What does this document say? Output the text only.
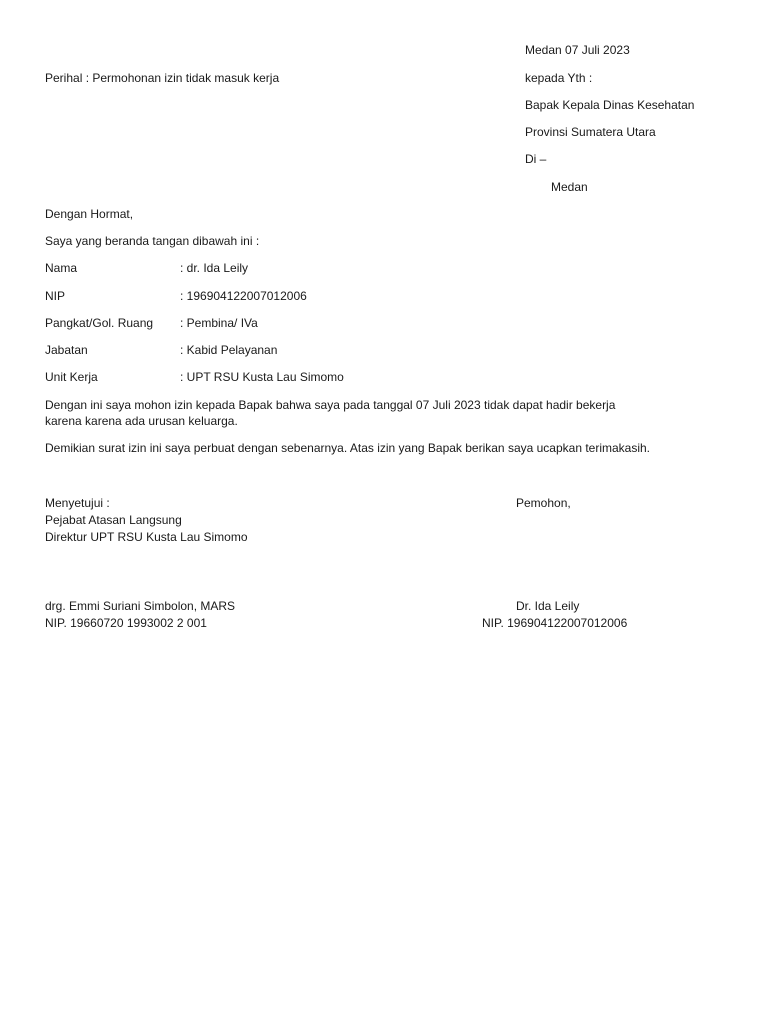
Medan 07 Juli 2023
Perihal : Permohonan izin tidak masuk kerja	kepada Yth :
Bapak Kepala Dinas Kesehatan
Provinsi Sumatera Utara
Di –
Medan
Dengan Hormat,
Saya yang beranda tangan dibawah ini :
Nama	: dr. Ida Leily
NIP	: 196904122007012006
Pangkat/Gol. Ruang : Pembina/ IVa
Jabatan	: Kabid Pelayanan
Unit Kerja	: UPT RSU Kusta Lau Simomo
Dengan ini saya mohon izin kepada Bapak bahwa saya pada tanggal 07 Juli 2023 tidak dapat hadir bekerja
karena karena ada urusan keluarga.
Demikian surat izin ini saya perbuat dengan sebenarnya. Atas izin yang Bapak berikan saya ucapkan terimakasih.
Menyetujui :
Pejabat Atasan Langsung
Direktur UPT RSU Kusta Lau Simomo
Pemohon,
drg. Emmi Suriani Simbolon, MARS
NIP. 19660720 1993002 2 001
Dr. Ida Leily
NIP. 196904122007012006
